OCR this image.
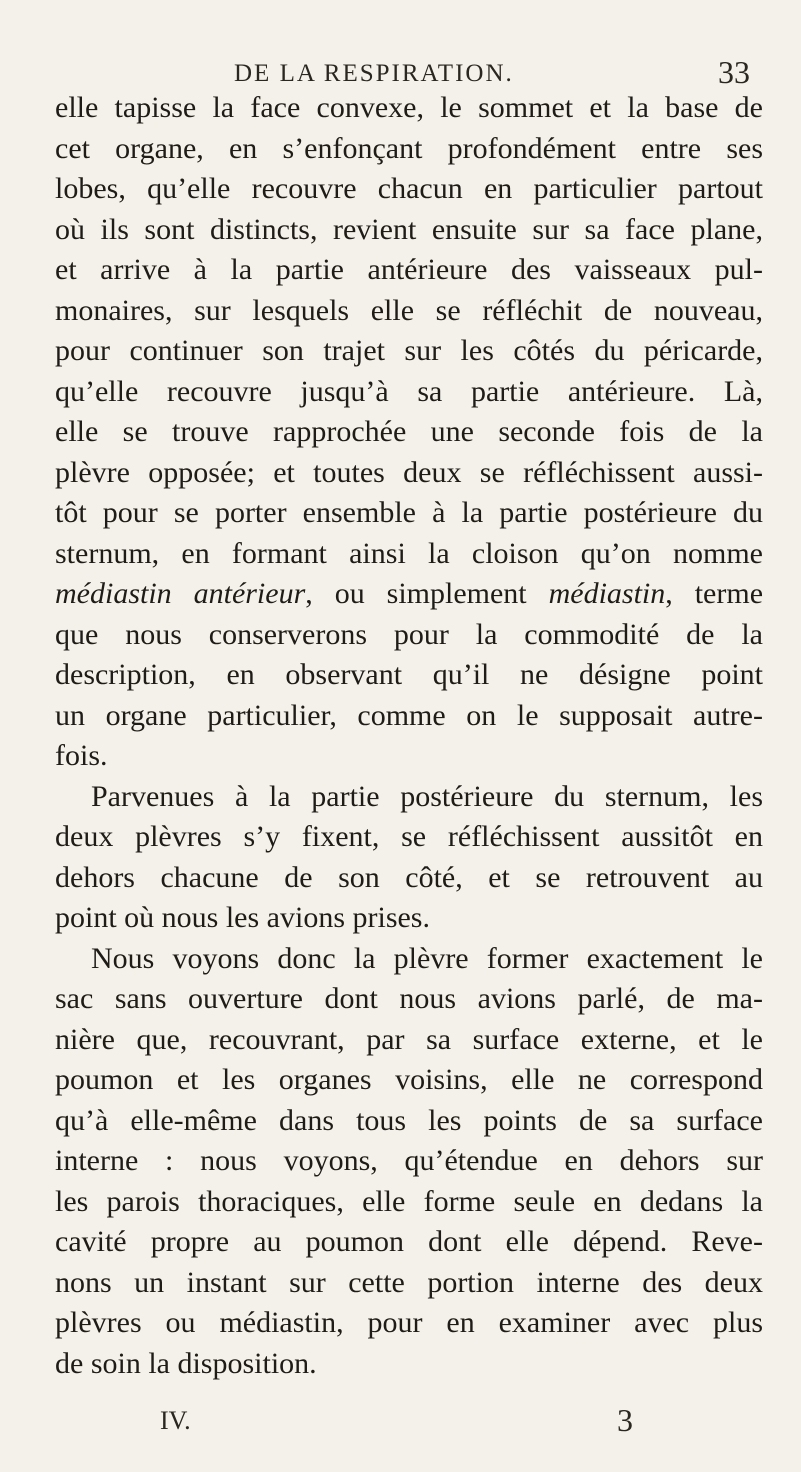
DE LA RESPIRATION.	33
elle tapisse la face convexe, le sommet et la base de
cet organe, en s’enfonçant profondément entre ses
lobes, qu’elle recouvre chacun en particulier partout
où ils sont distincts, revient ensuite sur sa face plane,
et arrive à la partie antérieure des vaisseaux pul-
monaires, sur lesquels elle se réfléchit de nouveau,
pour continuer son trajet sur les côtés du péricarde,
qu’elle recouvre jusqu’à sa partie antérieure. Là,
elle se trouve rapprochée une seconde fois de la
plèvre opposée; et toutes deux se réfléchissent aussi-
tôt pour se porter ensemble à la partie postérieure du
sternum, en formant ainsi la cloison qu’on nomme
médiastin antérieur, ou simplement médiastin, terme
que nous conserverons pour la commodité de la
description, en observant qu’il ne désigne point
un organe particulier, comme on le supposait autre-
fois.
Parvenues à la partie postérieure du sternum, les
deux plèvres s’y fixent, se réfléchissent aussitôt en
dehors chacune de son côté, et se retrouvent au
point où nous les avions prises.
Nous voyons donc la plèvre former exactement le
sac sans ouverture dont nous avions parlé, de ma-
nière que, recouvrant, par sa surface externe, et le
poumon et les organes voisins, elle ne correspond
qu’à elle-même dans tous les points de sa surface
interne : nous voyons, qu’étendue en dehors sur
les parois thoraciques, elle forme seule en dedans la
cavité propre au poumon dont elle dépend. Reve-
nons un instant sur cette portion interne des deux
plèvres ou médiastin, pour en examiner avec plus
de soin la disposition.
IV.	3
